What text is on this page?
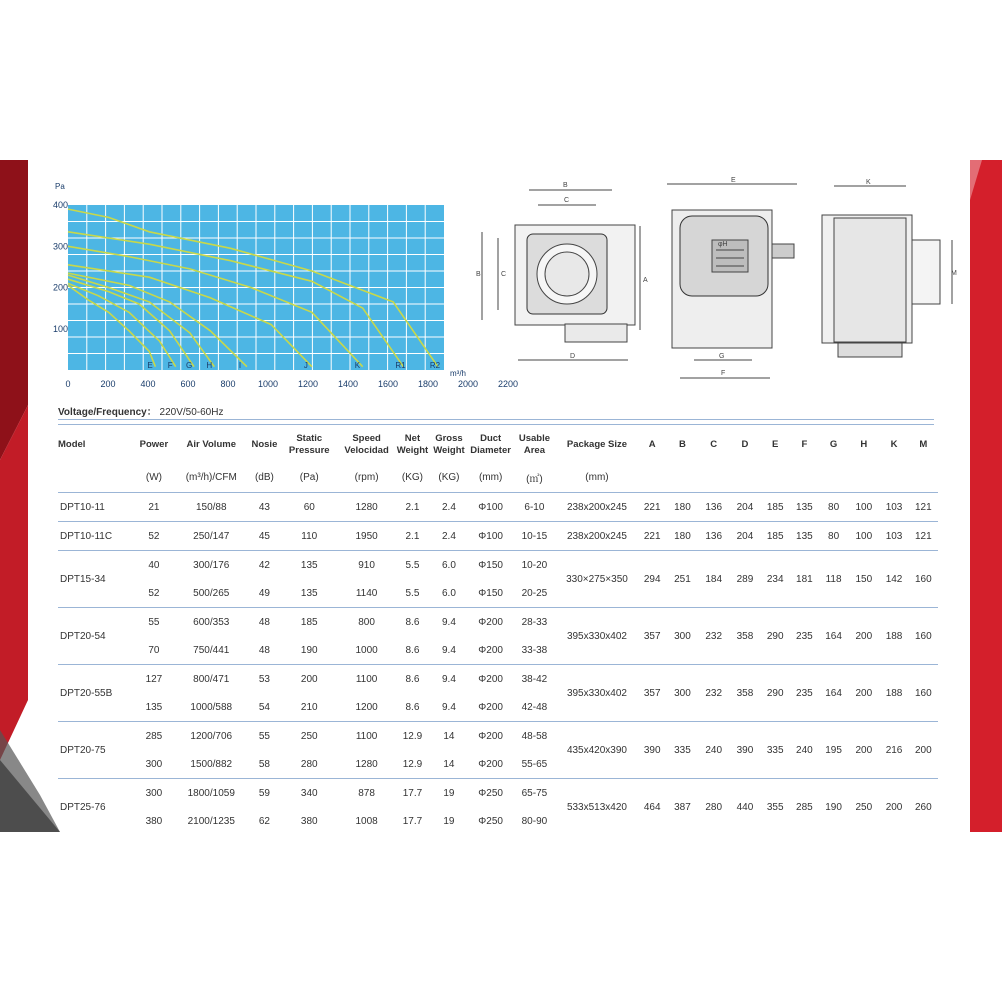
E F G H	I	J	K	R1	R2
Pa
100
200
300
400
0	200	400	600	800 1000 1200 1400 1600 1800 2000 2200
m³/h
B
C
B	C
A
D
E
φH
G
F
K
M
Voltage/Frequency： 220V/50-60Hz
Model	Power	Air Volume	Nosie	Static Pressure	Speed Velocidad	Net Weight	Gross Weight	Duct Diameter	Usable Area	Package Size	A	B	C	D	E	F	G	H	K	M
	(W)	(m³/h)/CFM	(dB)	(Pa)	(rpm)	(KG)	(KG)	(mm)	(㎡)	(mm)										
DPT10-11	21	150/88	43	60	1280	2.1	2.4	Φ100	6-10	238x200x245	221	180	136	204	185	135	80	100	103	121
DPT10-11C	52	250/147	45	110	1950	2.1	2.4	Φ100	10-15	238x200x245	221	180	136	204	185	135	80	100	103	121
DPT15-34	40	300/176	42	135	910	5.5	6.0	Φ150	10-20	330×275×350	294	251	184	289	234	181	118	150	142	160
	52	500/265	49	135	1140	5.5	6.0	Φ150	20-25											
DPT20-54	55	600/353	48	185	800	8.6	9.4	Φ200	28-33	395x330x402	357	300	232	358	290	235	164	200	188	160
	70	750/441	48	190	1000	8.6	9.4	Φ200	33-38											
DPT20-55B	127	800/471	53	200	1100	8.6	9.4	Φ200	38-42	395x330x402	357	300	232	358	290	235	164	200	188	160
	135	1000/588	54	210	1200	8.6	9.4	Φ200	42-48											
DPT20-75	285	1200/706	55	250	1100	12.9	14	Φ200	48-58	435x420x390	390	335	240	390	335	240	195	200	216	200
	300	1500/882	58	280	1280	12.9	14	Φ200	55-65											
DPT25-76	300	1800/1059	59	340	878	17.7	19	Φ250	65-75	533x513x420	464	387	280	440	355	285	190	250	200	260
	380	2100/1235	62	380	1008	17.7	19	Φ250	80-90											
